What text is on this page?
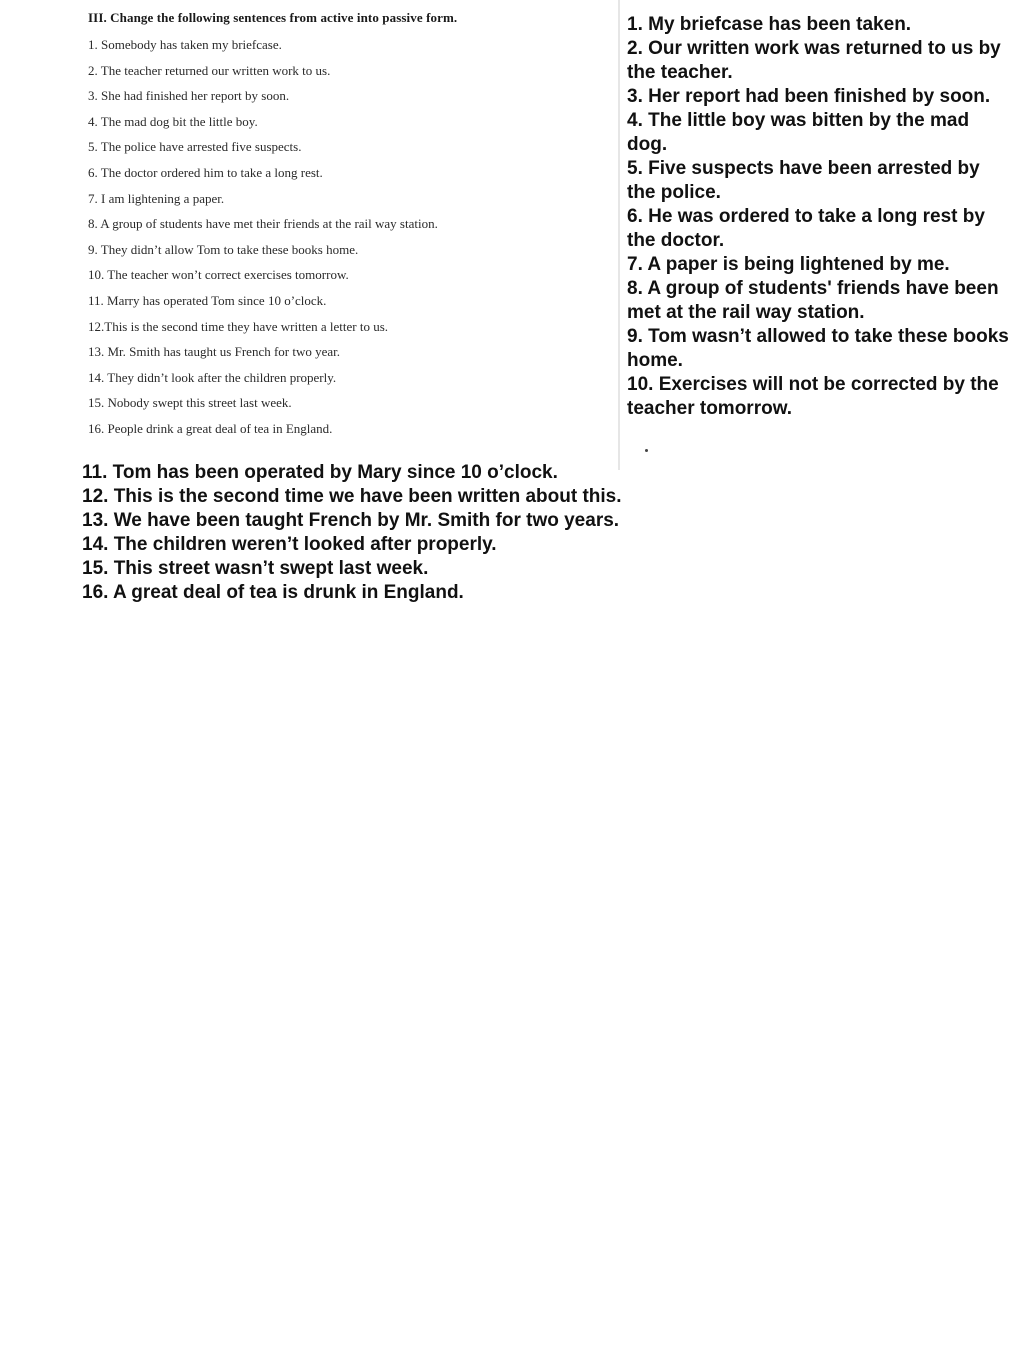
III. Change the following sentences from active into passive form.
1. Somebody has taken my briefcase.
2. The teacher returned our written work to us.
3. She had finished her report by soon.
4. The mad dog bit the little boy.
5. The police have arrested five suspects.
6. The doctor ordered him to take a long rest.
7. I am lightening a paper.
8. A group of students have met their friends at the rail way station.
9. They didn’t allow Tom to take these books home.
10. The teacher won’t correct exercises tomorrow.
11. Marry has operated Tom since 10 o’clock.
12.This is the second time they have written a letter to us.
13. Mr. Smith has taught us French for two year.
14. They didn’t look after the children properly.
15. Nobody swept this street last week.
16. People drink a great deal of tea in England.

1. My briefcase has been taken.

2. Our written work was returned to us by the teacher.

3. Her report had been finished by soon.

4. The little boy was bitten by the mad dog.

5. Five suspects have been arrested by the police.

6. He was ordered to take a long rest by the doctor.

7. A paper is being lightened by me.

8. A group of students' friends have been met at the rail way station.

9. Tom wasn’t allowed to take these books home.

10. Exercises will not be corrected by the teacher tomorrow.

11. Tom has been operated by Mary since 10 o’clock.
12. This is the second time we have been written about this.
13. We have been taught French by Mr. Smith for two years.
14. The children weren’t looked after properly.
15. This street wasn’t swept last week.
16. A great deal of tea is drunk in England.
